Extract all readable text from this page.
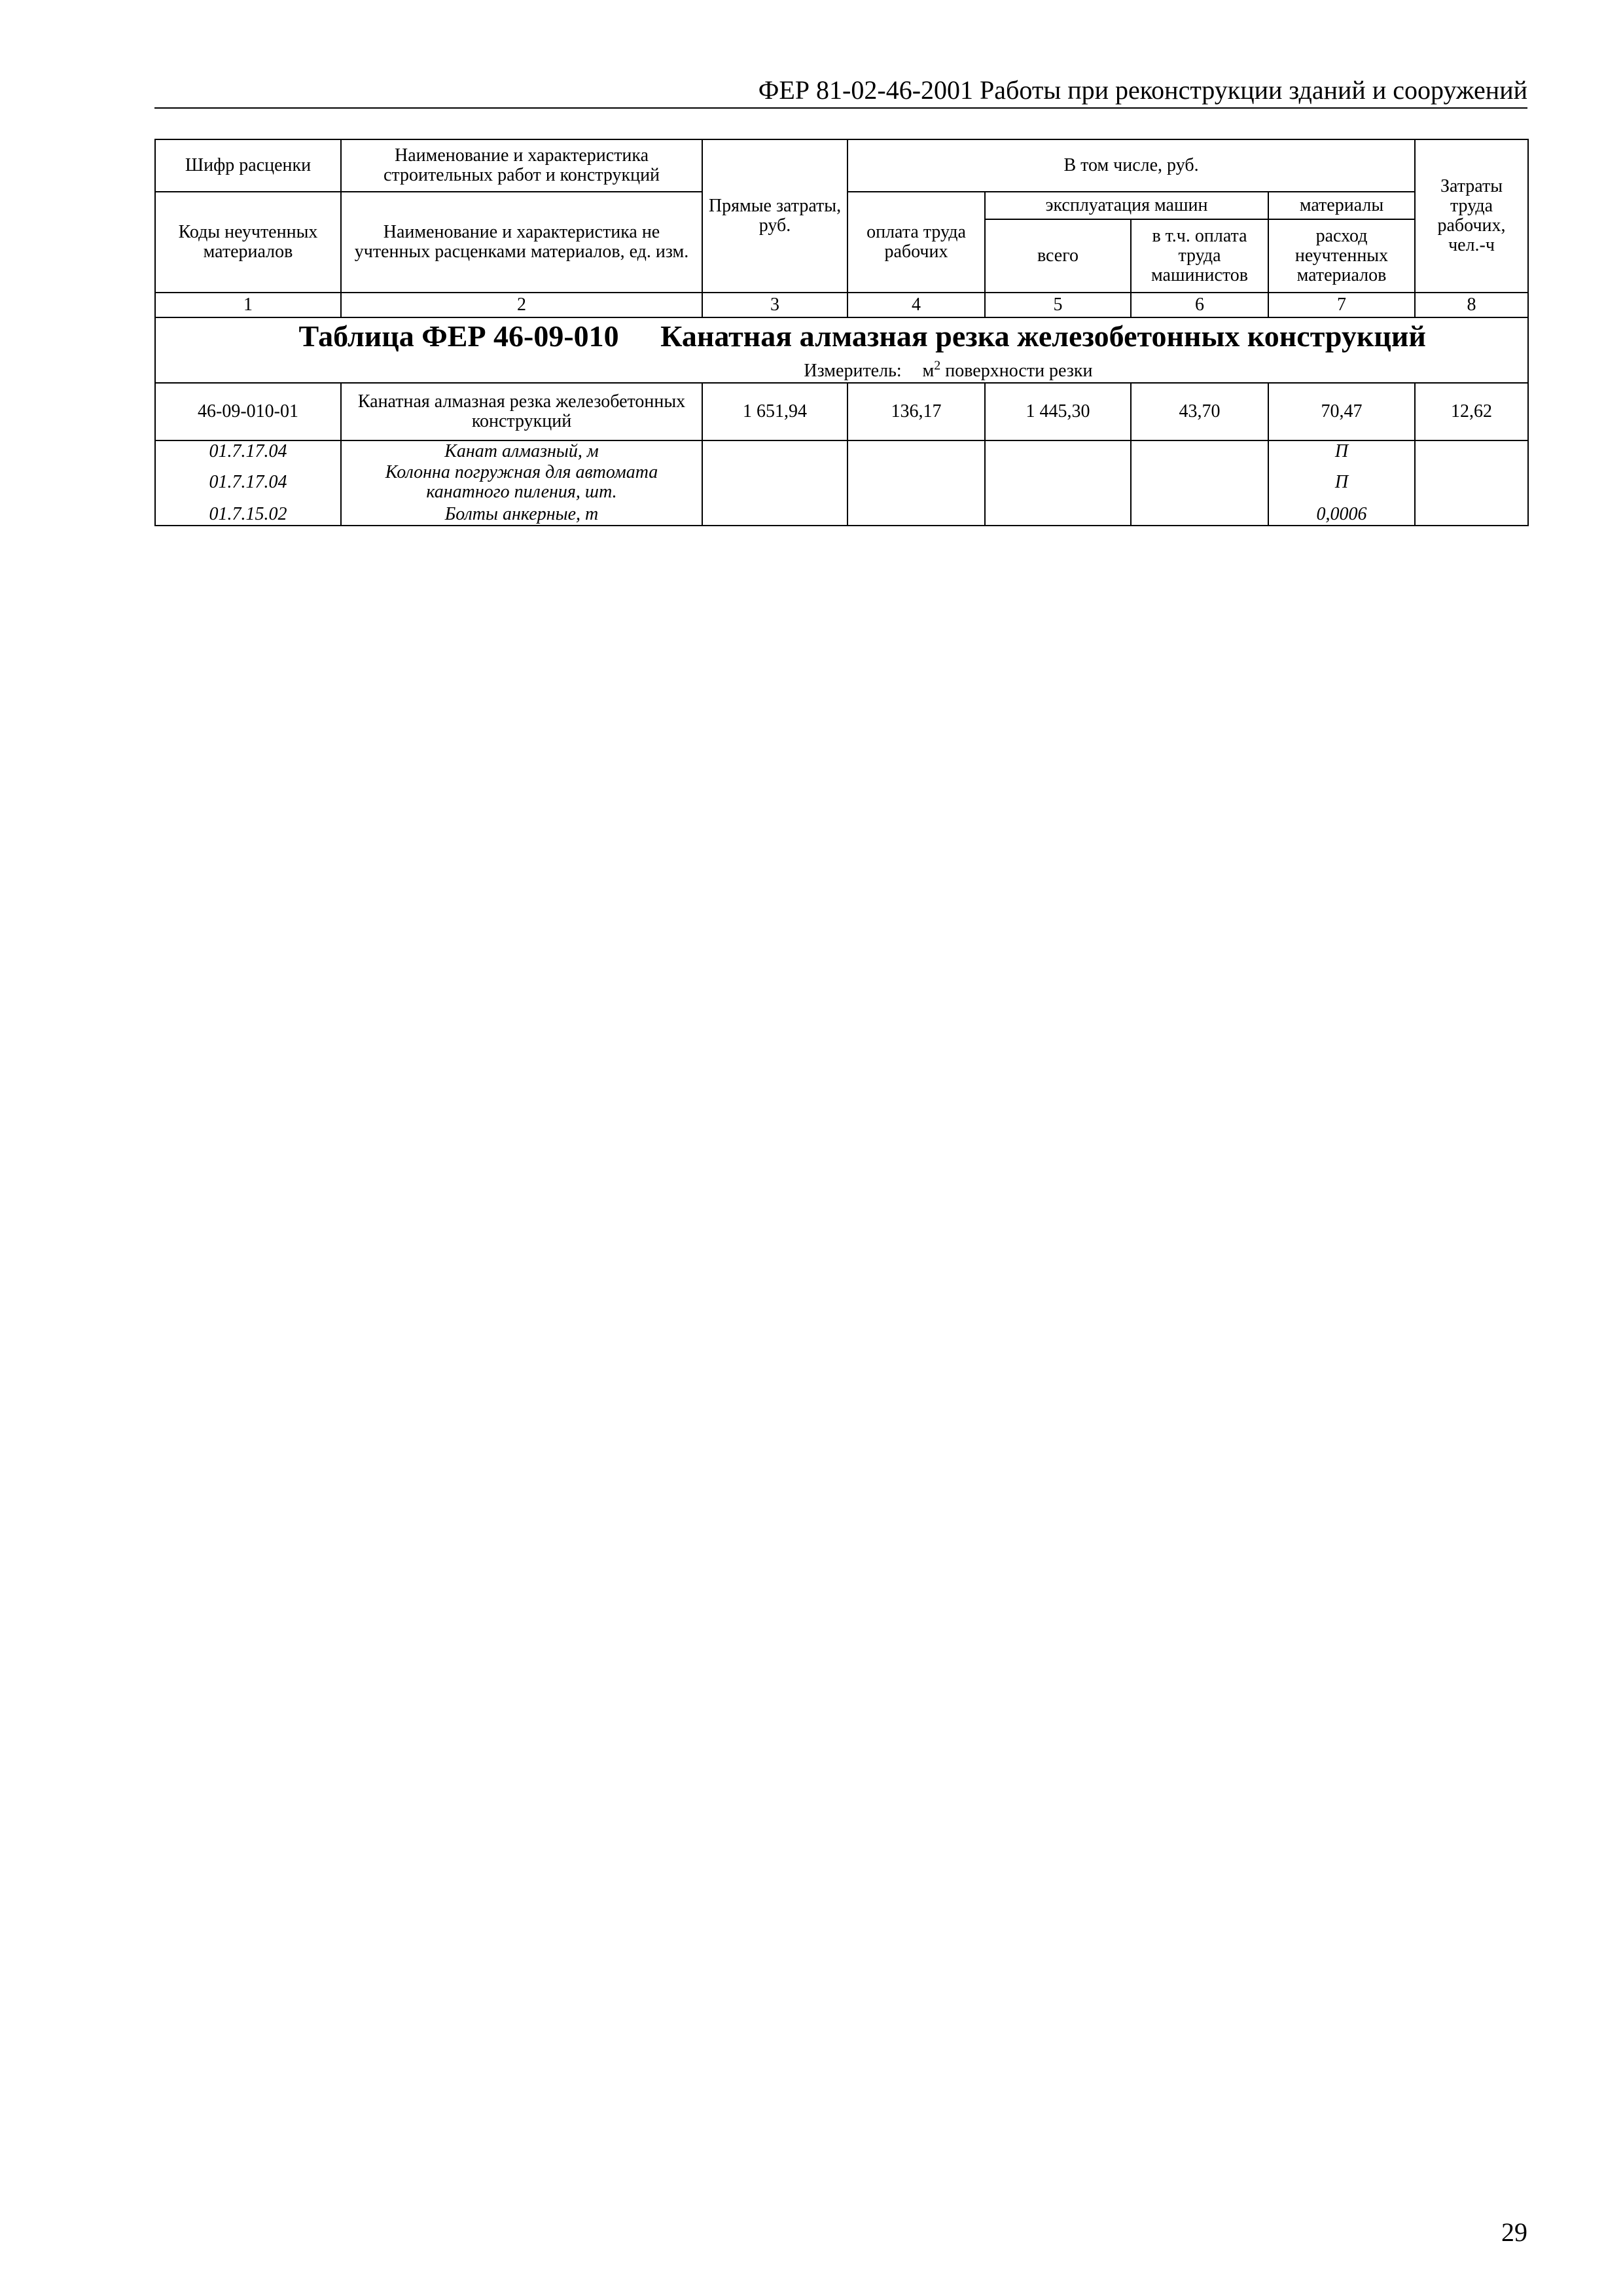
ФЕР 81-02-46-2001 Работы при реконструкции зданий и сооружений
Шифр расценки	Наименование и характеристика строительных работ и конструкций	Прямые затраты, руб.	В том числе, руб.				Затраты труда рабочих, чел.-ч
Коды неучтенных материалов	Наименование и характеристика не учтенных расценками материалов, ед. изм.		оплата труда рабочих	эксплуатация машин		материалы	
				всего	в т.ч. оплата труда машинистов	расход неучтенных материалов	
1	2	3	4	5	6	7	8
Таблица ФЕР 46-09-010 Канатная алмазная резка железобетонных конструкций							
Измеритель: $м^2$ поверхности резки							
46-09-010-01	Канатная алмазная резка железобетонных конструкций	1 651,94	136,17	1 445,30	43,70	70,47	12,62
01.7.17.04	Канат алмазный, м					П	
01.7.17.04	Колонна погружная для автомата канатного пиления, шт.					П	
01.7.15.02	Болты анкерные, т					0,0006	
29
